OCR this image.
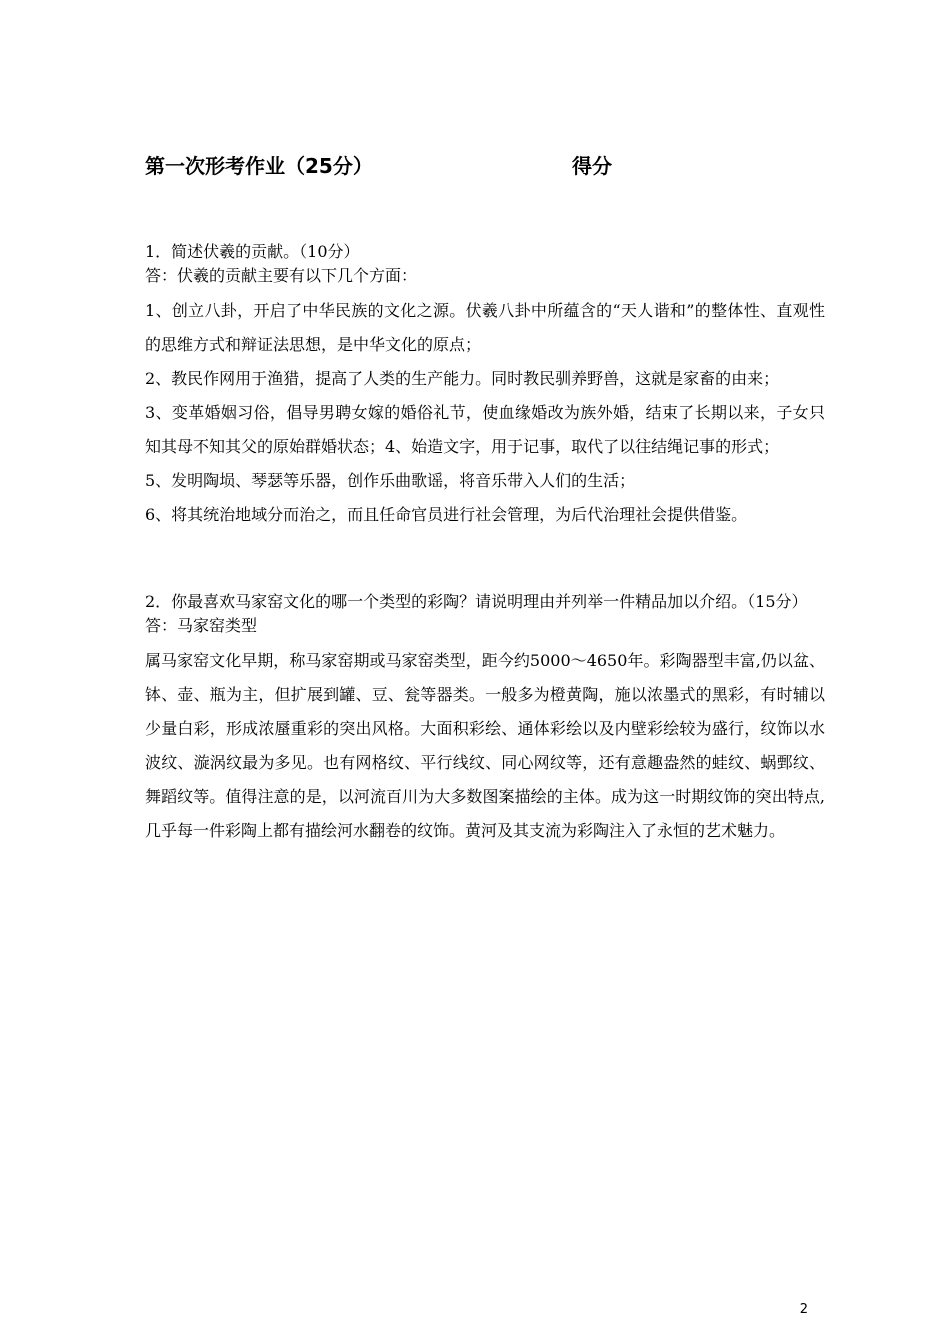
第一次形考作业（25分）	得分

1．简述伏羲的贡献。（10分）

答：伏羲的贡献主要有以下几个方面：

1、创立八卦，开启了中华民族的文化之源。伏羲八卦中所蕴含的“天人谐和”的整体性、直观性的思维方式和辩证法思想，是中华文化的原点；

2、教民作网用于渔猎，提高了人类的生产能力。同时教民驯养野兽，这就是家畜的由来；

3、变革婚姻习俗，倡导男聘女嫁的婚俗礼节，使血缘婚改为族外婚，结束了长期以来，子女只知其母不知其父的原始群婚状态；4、始造文字，用于记事，取代了以往结绳记事的形式；

5、发明陶埙、琴瑟等乐器，创作乐曲歌谣，将音乐带入人们的生活；

6、将其统治地域分而治之，而且任命官员进行社会管理，为后代治理社会提供借鉴。

2．你最喜欢马家窑文化的哪一个类型的彩陶？请说明理由并列举一件精品加以介绍。（15分）

答：马家窑类型

属马家窑文化早期，称马家窑期或马家窑类型，距今约5000～4650年。彩陶器型丰富,仍以盆、钵、壶、瓶为主，但扩展到罐、豆、瓮等器类。一般多为橙黄陶，施以浓墨式的黑彩，有时辅以少量白彩，形成浓蜃重彩的突出风格。大面积彩绘、通体彩绘以及内壁彩绘较为盛行，纹饰以水波纹、漩涡纹最为多见。也有网格纹、平行线纹、同心网纹等，还有意趣盎然的蛙纹、蜗鄄纹、舞蹈纹等。值得注意的是，以河流百川为大多数图案描绘的主体。成为这一时期纹饰的突出特点,几乎每一件彩陶上都有描绘河水翻卷的纹饰。黄河及其支流为彩陶注入了永恒的艺术魅力。

2
